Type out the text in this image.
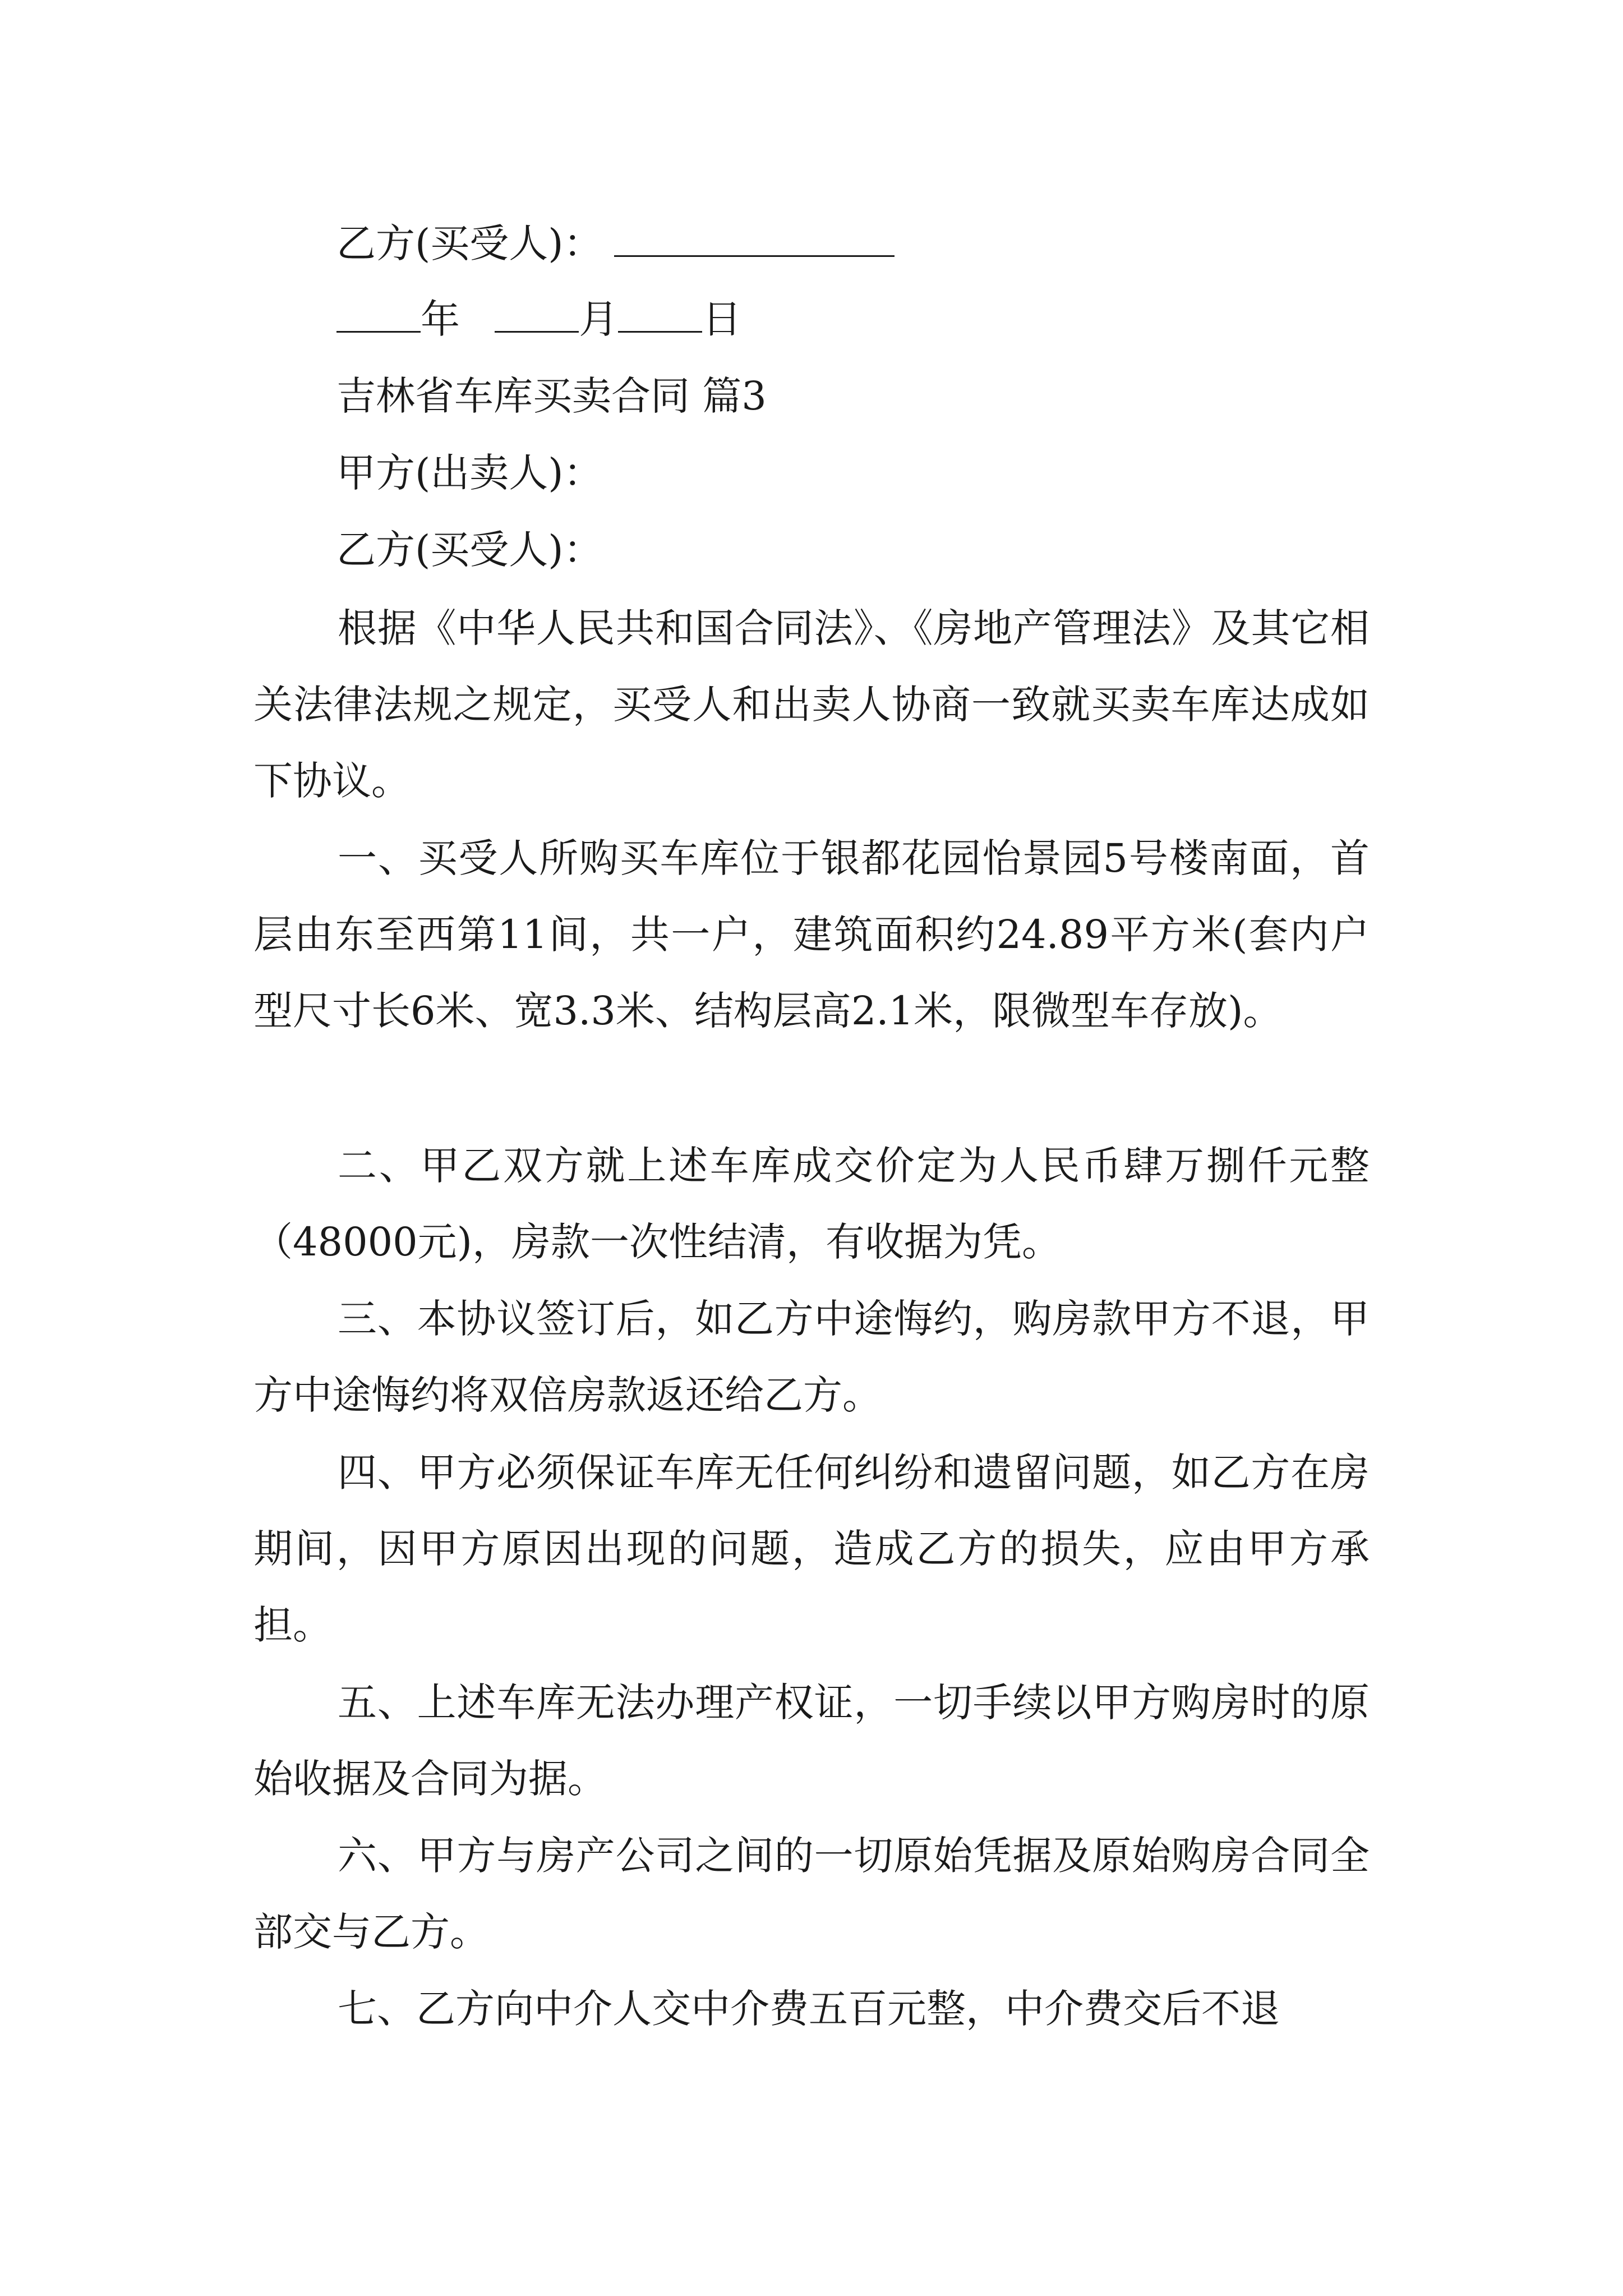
乙方(买受人)：
年	月 日
吉林省车库买卖合同 篇3
甲方(出卖人)：
乙方(买受人)：
根据《中华人民共和国合同法》、《房地产管理法》及其它相关法律法规之规定，买受人和出卖人协商一致就买卖车库达成如下协议。
一、买受人所购买车库位于银都花园怡景园5号楼南面，首层由东至西第11间，共一户，建筑面积约24.89平方米(套内户型尺寸长6米、宽3.3米、结构层高2.1米，限微型车存放)。
二、甲乙双方就上述车库成交价定为人民币肆万捌仟元整（48000元)，房款一次性结清，有收据为凭。
三、本协议签订后，如乙方中途悔约，购房款甲方不退，甲方中途悔约将双倍房款返还给乙方。
四、甲方必须保证车库无任何纠纷和遗留问题，如乙方在房期间，因甲方原因出现的问题，造成乙方的损失，应由甲方承担。
五、上述车库无法办理产权证，一切手续以甲方购房时的原始收据及合同为据。
六、甲方与房产公司之间的一切原始凭据及原始购房合同全部交与乙方。
七、乙方向中介人交中介费五百元整，中介费交后不退
